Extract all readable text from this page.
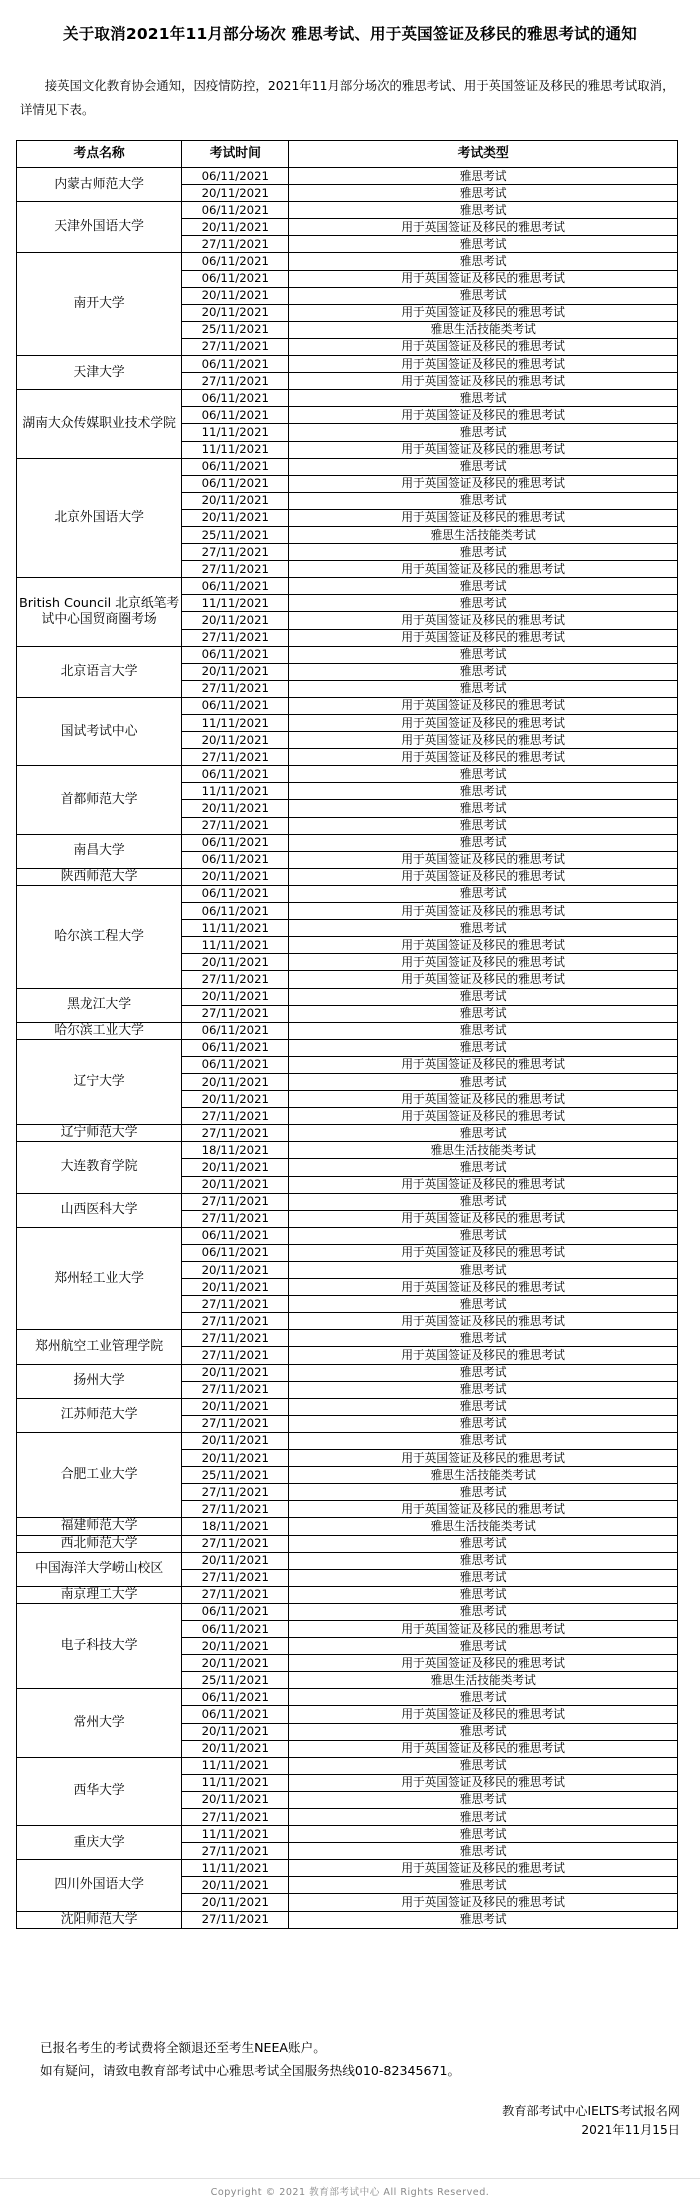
关于取消2021年11月部分场次 雅思考试、用于英国签证及移民的雅思考试的通知
接英国文化教育协会通知，因疫情防控，2021年11月部分场次的雅思考试、用于英国签证及移民的雅思考试取消，详情见下表。
考点名称	考试时间	考试类型
内蒙古师范大学	06/11/2021	雅思考试
	20/11/2021	雅思考试
天津外国语大学	06/11/2021	雅思考试
	20/11/2021	用于英国签证及移民的雅思考试
	27/11/2021	雅思考试
南开大学	06/11/2021	雅思考试
	06/11/2021	用于英国签证及移民的雅思考试
	20/11/2021	雅思考试
	20/11/2021	用于英国签证及移民的雅思考试
	25/11/2021	雅思生活技能类考试
	27/11/2021	用于英国签证及移民的雅思考试
天津大学	06/11/2021	用于英国签证及移民的雅思考试
	27/11/2021	用于英国签证及移民的雅思考试
湖南大众传媒职业技术学院	06/11/2021	雅思考试
	06/11/2021	用于英国签证及移民的雅思考试
	11/11/2021	雅思考试
	11/11/2021	用于英国签证及移民的雅思考试
北京外国语大学	06/11/2021	雅思考试
	06/11/2021	用于英国签证及移民的雅思考试
	20/11/2021	雅思考试
	20/11/2021	用于英国签证及移民的雅思考试
	25/11/2021	雅思生活技能类考试
	27/11/2021	雅思考试
	27/11/2021	用于英国签证及移民的雅思考试
British Council 北京纸笔考试中心国贸商圈考场	06/11/2021	雅思考试
	11/11/2021	雅思考试
	20/11/2021	用于英国签证及移民的雅思考试
	27/11/2021	用于英国签证及移民的雅思考试
北京语言大学	06/11/2021	雅思考试
	20/11/2021	雅思考试
	27/11/2021	雅思考试
国试考试中心	06/11/2021	用于英国签证及移民的雅思考试
	11/11/2021	用于英国签证及移民的雅思考试
	20/11/2021	用于英国签证及移民的雅思考试
	27/11/2021	用于英国签证及移民的雅思考试
首都师范大学	06/11/2021	雅思考试
	11/11/2021	雅思考试
	20/11/2021	雅思考试
	27/11/2021	雅思考试
南昌大学	06/11/2021	雅思考试
	06/11/2021	用于英国签证及移民的雅思考试
陕西师范大学	20/11/2021	用于英国签证及移民的雅思考试
哈尔滨工程大学	06/11/2021	雅思考试
	06/11/2021	用于英国签证及移民的雅思考试
	11/11/2021	雅思考试
	11/11/2021	用于英国签证及移民的雅思考试
	20/11/2021	用于英国签证及移民的雅思考试
	27/11/2021	用于英国签证及移民的雅思考试
黑龙江大学	20/11/2021	雅思考试
	27/11/2021	雅思考试
哈尔滨工业大学	06/11/2021	雅思考试
辽宁大学	06/11/2021	雅思考试
	06/11/2021	用于英国签证及移民的雅思考试
	20/11/2021	雅思考试
	20/11/2021	用于英国签证及移民的雅思考试
	27/11/2021	用于英国签证及移民的雅思考试
辽宁师范大学	27/11/2021	雅思考试
大连教育学院	18/11/2021	雅思生活技能类考试
	20/11/2021	雅思考试
	20/11/2021	用于英国签证及移民的雅思考试
山西医科大学	27/11/2021	雅思考试
	27/11/2021	用于英国签证及移民的雅思考试
郑州轻工业大学	06/11/2021	雅思考试
	06/11/2021	用于英国签证及移民的雅思考试
	20/11/2021	雅思考试
	20/11/2021	用于英国签证及移民的雅思考试
	27/11/2021	雅思考试
	27/11/2021	用于英国签证及移民的雅思考试
郑州航空工业管理学院	27/11/2021	雅思考试
	27/11/2021	用于英国签证及移民的雅思考试
扬州大学	20/11/2021	雅思考试
	27/11/2021	雅思考试
江苏师范大学	20/11/2021	雅思考试
	27/11/2021	雅思考试
合肥工业大学	20/11/2021	雅思考试
	20/11/2021	用于英国签证及移民的雅思考试
	25/11/2021	雅思生活技能类考试
	27/11/2021	雅思考试
	27/11/2021	用于英国签证及移民的雅思考试
福建师范大学	18/11/2021	雅思生活技能类考试
西北师范大学	27/11/2021	雅思考试
中国海洋大学崂山校区	20/11/2021	雅思考试
	27/11/2021	雅思考试
南京理工大学	27/11/2021	雅思考试
电子科技大学	06/11/2021	雅思考试
	06/11/2021	用于英国签证及移民的雅思考试
	20/11/2021	雅思考试
	20/11/2021	用于英国签证及移民的雅思考试
	25/11/2021	雅思生活技能类考试
常州大学	06/11/2021	雅思考试
	06/11/2021	用于英国签证及移民的雅思考试
	20/11/2021	雅思考试
	20/11/2021	用于英国签证及移民的雅思考试
西华大学	11/11/2021	雅思考试
	11/11/2021	用于英国签证及移民的雅思考试
	20/11/2021	雅思考试
	27/11/2021	雅思考试
重庆大学	11/11/2021	雅思考试
	27/11/2021	雅思考试
四川外国语大学	11/11/2021	用于英国签证及移民的雅思考试
	20/11/2021	雅思考试
	20/11/2021	用于英国签证及移民的雅思考试
沈阳师范大学	27/11/2021	雅思考试
已报名考生的考试费将全额退还至考生NEEA账户。
如有疑问，请致电教育部考试中心雅思考试全国服务热线010-82345671。
教育部考试中心IELTS考试报名网
2021年11月15日
Copyright © 2021 教育部考试中心 All Rights Reserved.
